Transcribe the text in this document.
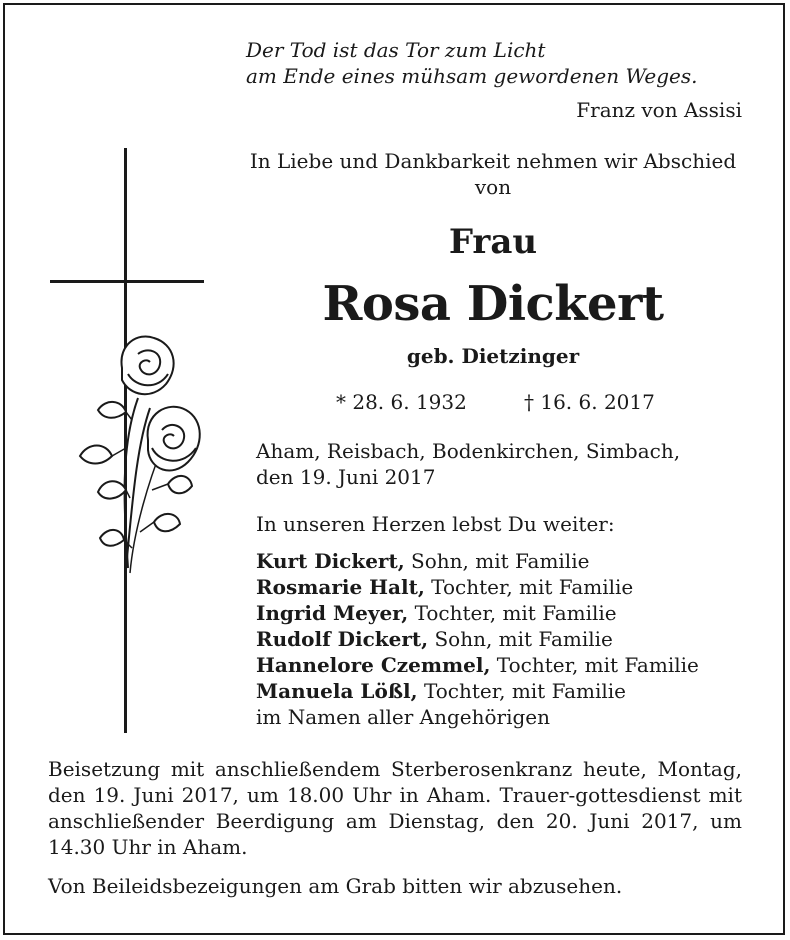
Der Tod ist das Tor zum Licht
am Ende eines mühsam gewordenen Weges.
Franz von Assisi
In Liebe und Dankbarkeit nehmen wir Abschied von
Frau
Rosa Dickert
geb. Dietzinger
* 28. 6. 1932	† 16. 6. 2017
Aham, Reisbach, Bodenkirchen, Simbach,
den 19. Juni 2017
In unseren Herzen lebst Du weiter:
Kurt Dickert, Sohn, mit Familie
Rosmarie Halt, Tochter, mit Familie
Ingrid Meyer, Tochter, mit Familie
Rudolf Dickert, Sohn, mit Familie
Hannelore Czemmel, Tochter, mit Familie
Manuela Lößl, Tochter, mit Familie
im Namen aller Angehörigen
Beisetzung mit anschließendem Sterberosenkranz heute, Montag, den 19. Juni 2017, um 18.00 Uhr in Aham. Trauer-gottesdienst mit anschließender Beerdigung am Dienstag, den 20. Juni 2017, um 14.30 Uhr in Aham.
Von Beileidsbezeigungen am Grab bitten wir abzusehen.
